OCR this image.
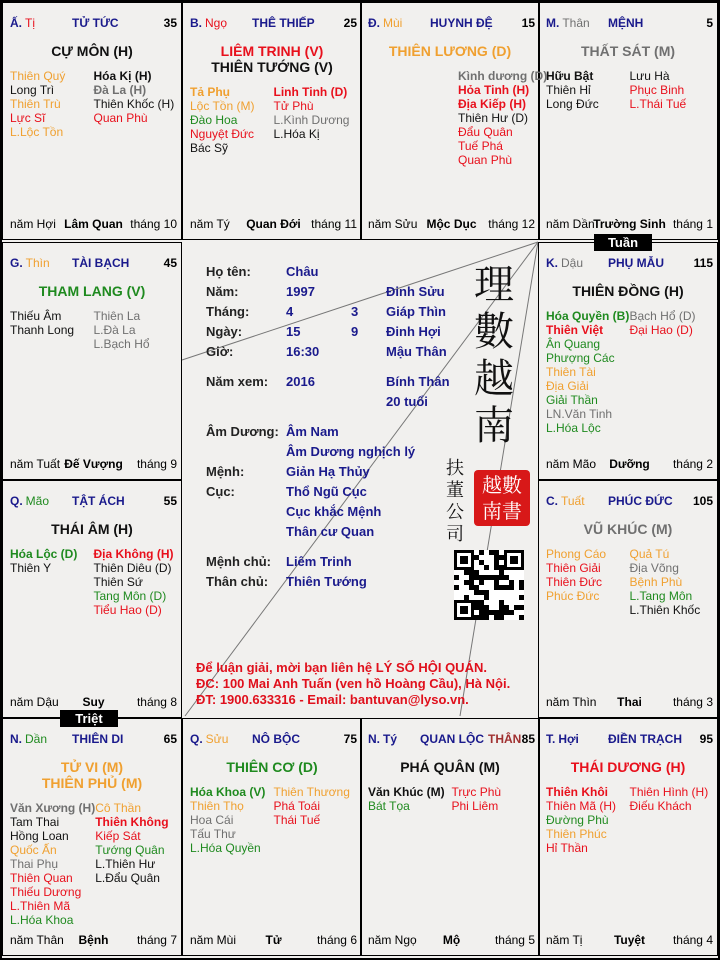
T. Hợi ĐIỀN TRẠCH 95
THÁI DƯƠNG (H)
Thiên Khôi
Thiên Mã (H)
Đường Phù
Thiên Phúc
Hỉ Thần
Thiên Hình (H)
Điếu Khách
năm Tị	Tuyệt	tháng 4
N. Tý QUAN LỘC THÂN 85
PHÁ QUÂN (M)
Văn Khúc (M)
Bát Tọa
Trực Phù
Phi Liêm
năm Ngọ	Mộ	tháng 5
Q. Sửu NÔ BỘC	75
THIÊN CƠ (D)
Hóa Khoa (V)
Thiên Thọ
Hoa Cái
Tấu Thư
L.Hóa Quyền
Thiên Thương
Phá Toái
Thái Tuế
năm Mùi	Tử	tháng 6
N. Dần THIÊN DI	65
TỬ VI (M)
THIÊN PHỦ (M)
Văn Xương (H)
Tam Thai
Hồng Loan
Quốc Ấn
Thai Phụ
Thiên Quan
Thiếu Dương
L.Thiên Mã
L.Hóa Khoa
Cô Thần
Thiên Không
Kiếp Sát
Tướng Quân
L.Thiên Hư
L.Đẩu Quân
năm Thân	Bệnh	tháng 7
C. Tuất PHÚC ĐỨC 105
VŨ KHÚC (M)
Phong Cáo
Thiên Giải
Thiên Đức
Phúc Đức
Quả Tú
Địa Võng
Bệnh Phù
L.Tang Môn
L.Thiên Khốc
năm Thìn	Thai	tháng 3
Q. Mão TẬT ÁCH	55
THÁI ÂM (H)
Hóa Lộc (D)
Thiên Y
Địa Không (H)
Thiên Diêu (D)
Thiên Sứ
Tang Môn (D)
Tiểu Hao (D)
năm Dậu	Suy	tháng 8
K. Dậu PHỤ MẪU 115
THIÊN ĐỒNG (H)
Hóa Quyền (B)
Thiên Việt
Ân Quang
Phượng Các
Thiên Tài
Địa Giải
Giải Thần
LN.Văn Tinh
L.Hóa Lộc
Bạch Hổ (D)
Đại Hao (D)
năm Mão	Dưỡng	tháng 2
G. Thìn TÀI BẠCH	45
THAM LANG (V)
Thiếu Âm
Thanh Long
Thiên La
L.Đà La
L.Bạch Hổ
năm Tuất Đế Vượng	tháng 9
M. Thân MỆNH	5
THẤT SÁT (M)
Hữu Bật
Thiên Hỉ
Long Đức
Lưu Hà
Phục Binh
L.Thái Tuế
năm Dần
Trường Sinh tháng 1
Đ. Mùi HUYNH ĐỆ 15
THIÊN LƯƠNG (D)
Kình dương (D)
Hỏa Tinh (H)
Địa Kiếp (H)
Thiên Hư (D)
Đẩu Quân
Tuế Phá
Quan Phù
năm Sửu Mộc Dục tháng 12
B. Ngọ THÊ THIẾP 25
LIÊM TRINH (V)
THIÊN TƯỚNG (V)
Tả Phụ
Lộc Tồn (M)
Đào Hoa
Nguyệt Đức
Bác Sỹ
Linh Tinh (D)
Tử Phù
L.Kình Dương
L.Hóa Kị
năm Tý	Quan Đới tháng 11
Ấ. Tị	TỬ TỨC	35
CỰ MÔN (H)
Thiên Quý
Long Trì
Thiên Trù
Lực Sĩ
L.Lộc Tồn
Hóa Kị (H)
Đà La (H)
Thiên Khốc (H)
Quan Phù
năm Hợi Lâm Quan tháng 10
Họ tên:	Châu
Năm:	1997	Đinh Sửu
Tháng:	4	3 Giáp Thìn
Ngày:	15	9 Đinh Hợi
Giờ:	16:30	Mậu Thân
Năm xem: 2016	Bính Thân
20 tuổi
Âm Dương: Âm Nam
Âm Dương nghịch lý
Mệnh:	Giản Hạ Thủy
Cục:	Thổ Ngũ Cục
Cục khắc Mệnh
Thân cư Quan
Mệnh chủ: Liêm Trinh
Thân chủ: Thiên Tướng
理數越南
扶董公司
越數南書
Để luận giải, mời bạn liên hệ LÝ SỐ HỘI QUÁN.
ĐC: 100 Mai Anh Tuấn (ven hồ Hoàng Cầu), Hà Nội.
ĐT: 1900.633316 - Email: bantuvan@lyso.vn.
Tuần
Triệt
